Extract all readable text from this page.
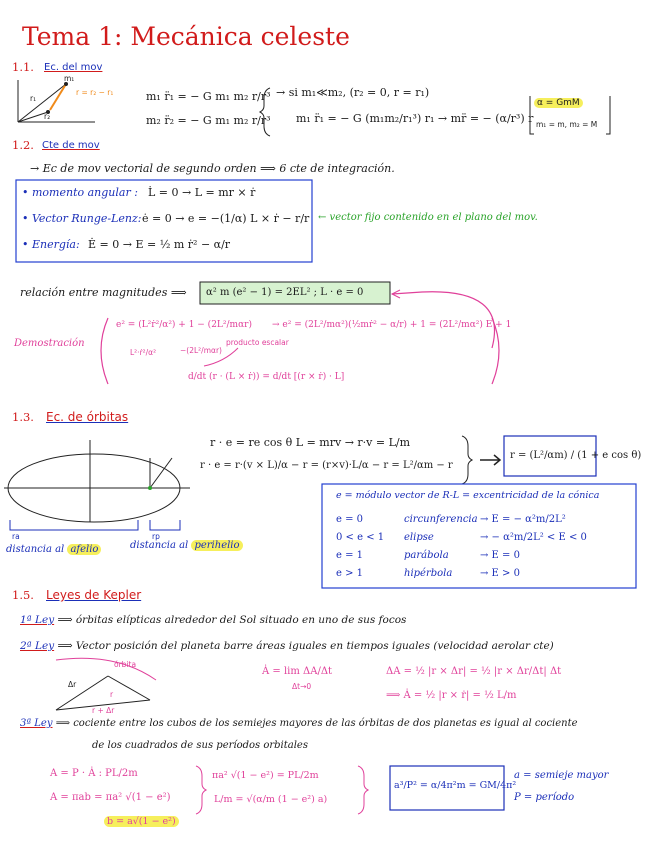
Tema 1: Mecánica celeste
1.1. Ec. del mov
m₁
r₁
r₂
r = r₂ − r₁	m₁ r̈₁ = − G m₁ m₂ r/r³
m₂ r̈₂ = − G m₁ m₂ r/r³
→ si m₁≪m₂, (r₂ = 0, r = r₁)
m₁ r̈₁ = − G (m₁m₂/r₁³) r₁ → mr̈ = − (α/r³) r
α = GmM
m₁ = m, m₂ = M
1.2. Cte de mov
→ Ec de mov vectorial de segundo orden ⟹ 6 cte de integración.
• momento angular : L̇ = 0 → L = mr × ṙ
• Vector Runge-Lenz: ė = 0 → e = −(1/α) L × ṙ − r/r
• Energía: Ė = 0 → E = ½ m ṙ² − α/r
← vector fijo contenido en el plano del mov.
relación entre magnitudes ⟹ α² m (e² − 1) = 2EL² ; L · e = 0
Demostración
e² = (L²ṙ²/α²) + 1 − (2L²/mαr)
L²·ṙ²/α²	−(2L²/mαr)
producto escalar
→ e² = (2L²/mα²)(½mṙ² − α/r) + 1 = (2L²/mα²) E + 1
d/dt (r · (L × ṙ)) = d/dt [(r × ṙ) · L]
1.3. Ec. de órbitas
r · e = re cos θ L = mrv → r·v = L/m
r · e = r·(v × L)/α − r = (r×v)·L/α − r = L²/αm − r
r = (L²/αm) / (1 + e cos θ)
ra	rp
distancia al afelio	distancia al perihelio
e = módulo vector de R-L = excentricidad de la cónica
e = 0	circunferencia → E = − α²m/2L²
0 < e < 1 elipse	→ − α²m/2L² < E < 0
e = 1	parábola	→ E = 0
e > 1	hipérbola	→ E > 0
1.5. Leyes de Kepler
1ª Ley ⟹ órbitas elípticas alrededor del Sol situado en uno de sus focos
2ª Ley ⟹ Vector posición del planeta barre áreas iguales en tiempos iguales (velocidad aerolar cte)
órbita
Δr
r
r + Δr
Ȧ = lim ΔA/Δt
Δt→0
ΔA = ½ |r × Δr| = ½ |r × Δr/Δt| Δt
⟹ Ȧ = ½ |r × ṙ| = ½ L/m
3ª Ley ⟹ cociente entre los cubos de los semiejes mayores de las órbitas de dos planetas es igual al cociente
de los cuadrados de sus períodos orbitales
A = P · Ȧ : PL/2m
A = πab = πa² √(1 − e²)
πa² √(1 − e²) = PL/2m
L/m = √(α/m (1 − e²) a)
b = a√(1 − e²)
a³/P² = α/4π²m = GM/4π²
a = semieje mayor
P = período
